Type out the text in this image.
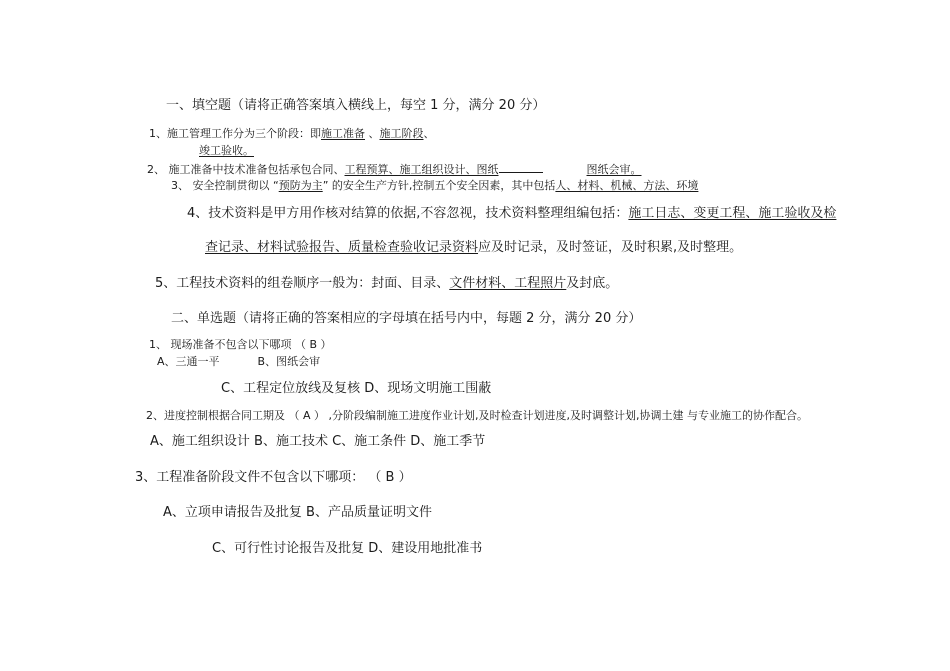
一、填空题（请将正确答案填入横线上，每空 1 分，满分 20 分）
1、施工管理工作分为三个阶段：即施工准备 、施工阶段、
竣工验收。
2、 施工准备中技术准备包括承包合同、工程预算、施工组织设计、图纸	图纸会审。
3、 安全控制贯彻以 “预防为主” 的安全生产方针,控制五个安全因素，其中包括人、材料、机械、方法、环境
4、技术资料是甲方用作核对结算的依据,不容忽视，技术资料整理组编包括：施工日志、变更工程、施工验收及检
查记录、材料试验报告、质量检查验收记录资料应及时记录，及时签证，及时积累,及时整理。
5、工程技术资料的组卷顺序一般为：封面、目录、文件材料、工程照片及封底。
二、单选题（请将正确的答案相应的字母填在括号内中，每题 2 分，满分 20 分）
1、 现场准备不包含以下哪项 （ B ）
A、三通一平	B、图纸会审
C、工程定位放线及复核 D、现场文明施工围蔽
2、进度控制根据合同工期及 （ A ） ,分阶段编制施工进度作业计划,及时检查计划进度,及时调整计划,协调土建 与专业施工的协作配合。
A、施工组织设计 B、施工技术 C、施工条件 D、施工季节
3、工程准备阶段文件不包含以下哪项： （ B ）
A、立项申请报告及批复 B、产品质量证明文件
C、可行性讨论报告及批复 D、建设用地批准书
